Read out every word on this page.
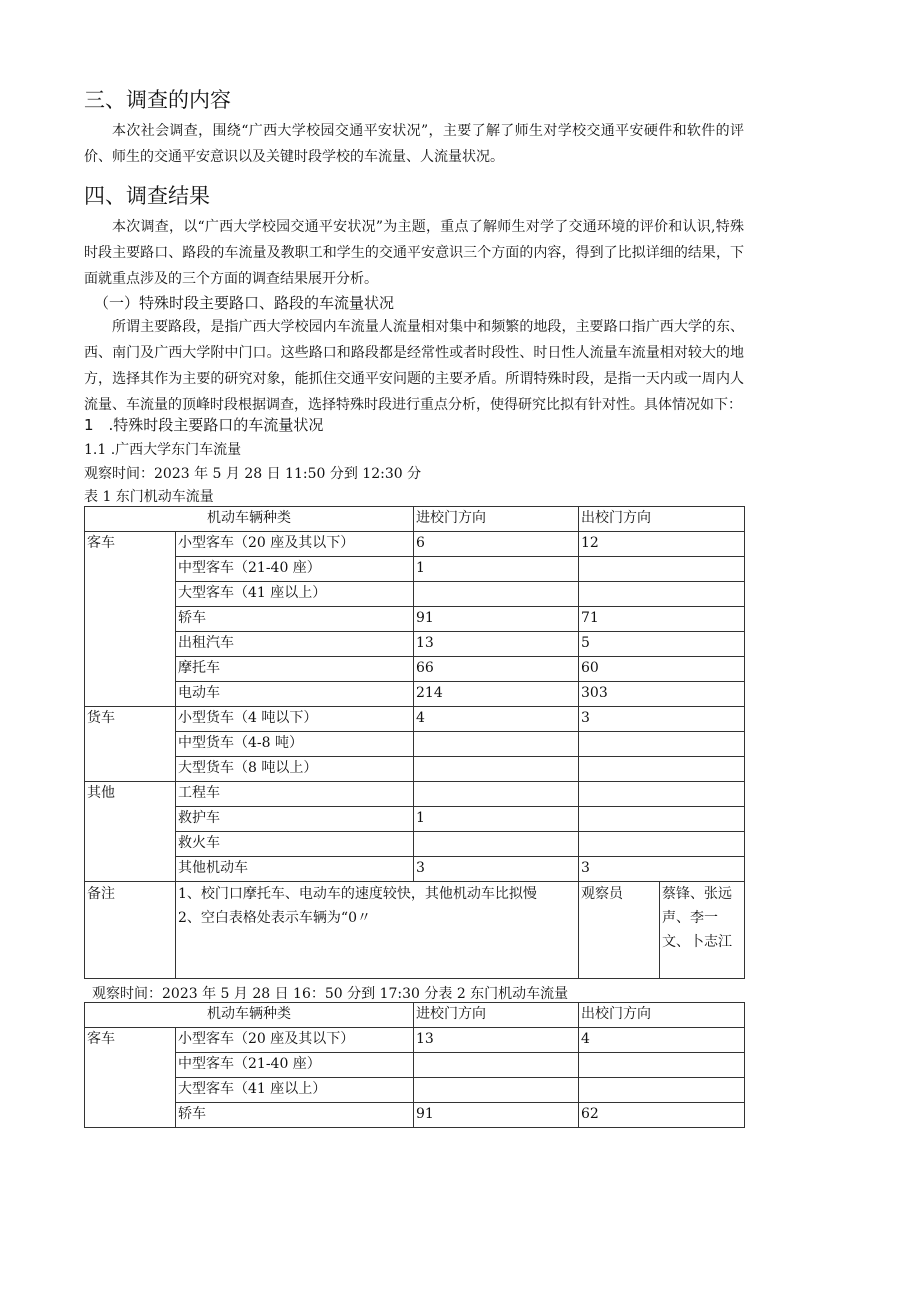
三、调查的内容
本次社会调查，围绕“广西大学校园交通平安状况”，主要了解了师生对学校交通平安硬件和软件的评价、师生的交通平安意识以及关键时段学校的车流量、人流量状况。
四、调查结果
本次调查，以“广西大学校园交通平安状况”为主题，重点了解师生对学了交通环境的评价和认识,特殊时段主要路口、路段的车流量及教职工和学生的交通平安意识三个方面的内容，得到了比拟详细的结果，下面就重点涉及的三个方面的调查结果展开分析。
（一）特殊时段主要路口、路段的车流量状况
所谓主要路段，是指广西大学校园内车流量人流量相对集中和频繁的地段，主要路口指广西大学的东、西、南门及广西大学附中门口。这些路口和路段都是经常性或者时段性、时日性人流量车流量相对较大的地方，选择其作为主要的研究对象，能抓住交通平安问题的主要矛盾。所谓特殊时段，是指一天内或一周内人流量、车流量的顶峰时段根据调查，选择特殊时段进行重点分析，使得研究比拟有针对性。具体情况如下：
1　.特殊时段主要路口的车流量状况
1.1 .广西大学东门车流量
观察时间：2023 年 5 月 28 日 11:50 分到 12:30 分
表 1 东门机动车流量
机动车辆种类		进校门方向	出校门方向	
客车	小型客车（20 座及其以下）	6	12	
	中型客车（21-40 座）	1		
	大型客车（41 座以上）			
	轿车	91	71	
	出租汽车	13	5	
	摩托车	66	60	
	电动车	214	303	
货车	小型货车（4 吨以下）	4	3	
	中型货车（4-8 吨）			
	大型货车（8 吨以上）			
其他	工程车			
	救护车	1		
	救火车			
	其他机动车	3	3	
备注	1、校门口摩托车、电动车的速度较快，其他机动车比拟慢
2、空白表格处表示车辆为“0〃		观察员	蔡锋、张远声、李一文、卜志江
观察时间：2023 年 5 月 28 日 16：50 分到 17:30 分表 2 东门机动车流量
机动车辆种类		进校门方向	出校门方向
客车	小型客车（20 座及其以下）	13	4
	中型客车（21-40 座）		
	大型客车（41 座以上）		
	轿车	91	62
